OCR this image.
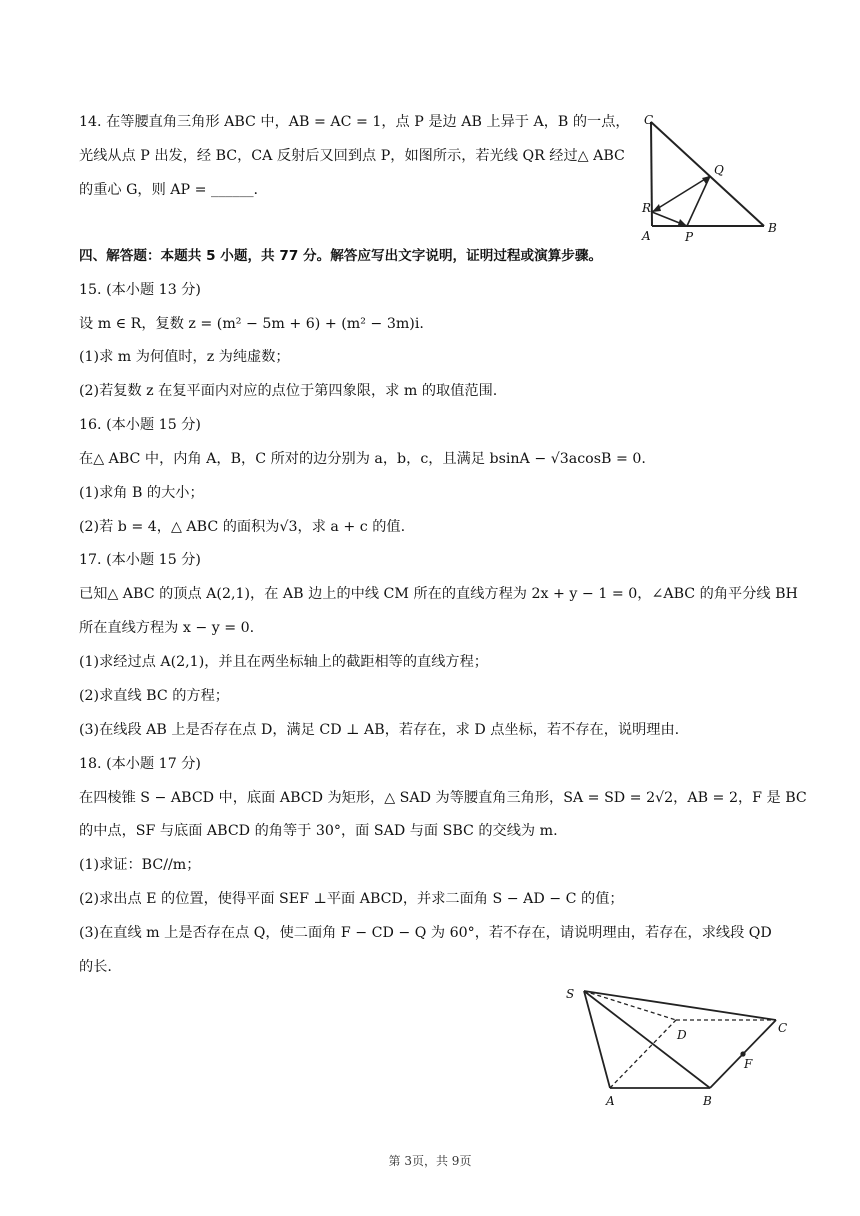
14. 在等腰直角三角形 ABC 中，AB = AC = 1，点 P 是边 AB 上异于 A，B 的一点，
光线从点 P 出发，经 BC，CA 反射后又回到点 P，如图所示，若光线 QR 经过△ ABC
的重心 G，则 AP = ______.
C
Q
R
A	P
B
四、解答题：本题共 5 小题，共 77 分。解答应写出文字说明，证明过程或演算步骤。
15. (本小题 13 分)
设 m ∈ R，复数 z = (m² − 5m + 6) + (m² − 3m)i.
(1)求 m 为何值时，z 为纯虚数；
(2)若复数 z 在复平面内对应的点位于第四象限，求 m 的取值范围.
16. (本小题 15 分)
在△ ABC 中，内角 A，B，C 所对的边分别为 a，b，c，且满足 bsinA − √3acosB = 0.
(1)求角 B 的大小；
(2)若 b = 4，△ ABC 的面积为√3，求 a + c 的值.
17. (本小题 15 分)
已知△ ABC 的顶点 A(2,1)，在 AB 边上的中线 CM 所在的直线方程为 2x + y − 1 = 0，∠ABC 的角平分线 BH
所在直线方程为 x − y = 0.
(1)求经过点 A(2,1)，并且在两坐标轴上的截距相等的直线方程；
(2)求直线 BC 的方程；
(3)在线段 AB 上是否存在点 D，满足 CD ⊥ AB，若存在，求 D 点坐标，若不存在，说明理由.
18. (本小题 17 分)
在四棱锥 S − ABCD 中，底面 ABCD 为矩形，△ SAD 为等腰直角三角形，SA = SD = 2√2，AB = 2，F 是 BC
的中点，SF 与底面 ABCD 的角等于 30°，面 SAD 与面 SBC 的交线为 m.
(1)求证：BC//m；
(2)求出点 E 的位置，使得平面 SEF ⊥平面 ABCD，并求二面角 S − AD − C 的值；
(3)在直线 m 上是否存在点 Q，使二面角 F − CD − Q 为 60°，若不存在，请说明理由，若存在，求线段 QD
的长.
S
D	C
F
A	B
第 3页，共 9页
